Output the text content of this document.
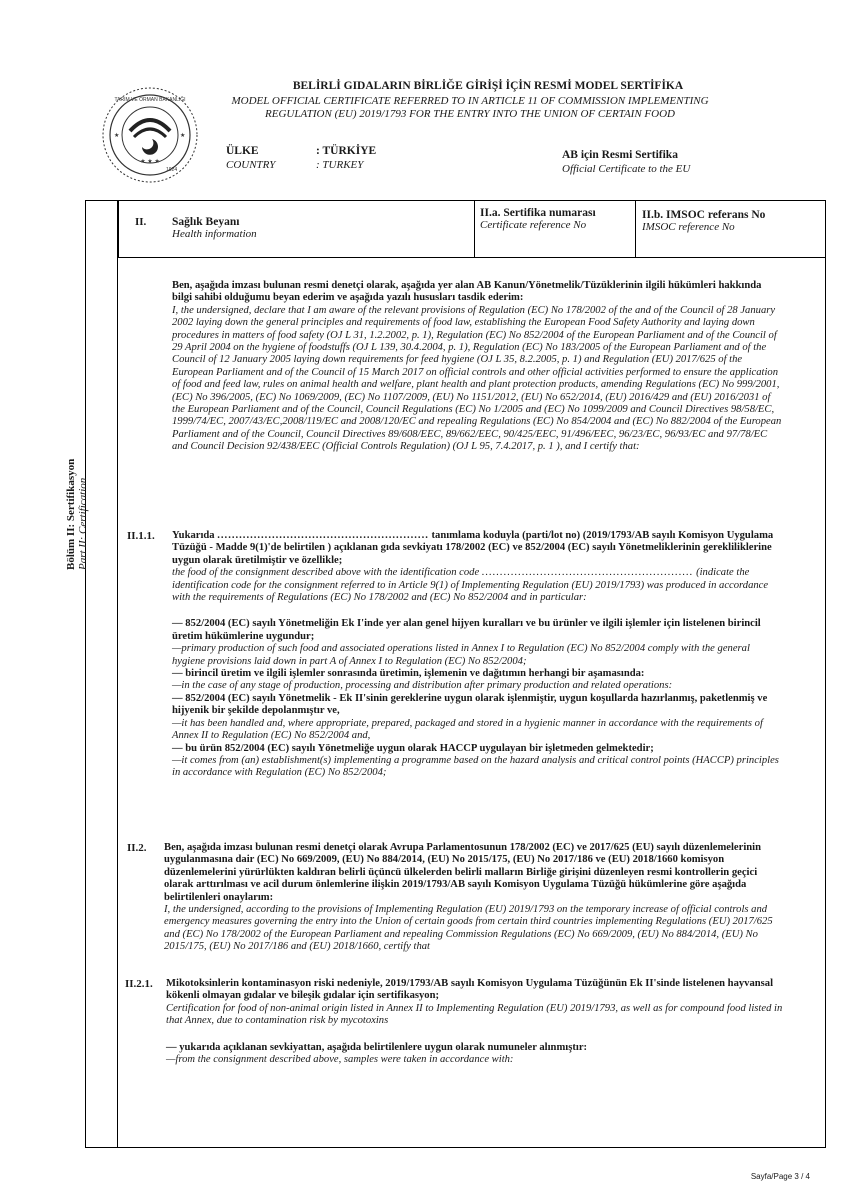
★ ★ ★
★	★
TARIM VE ORMAN BAKANLIĞI
1924
BELİRLİ GIDALARIN BİRLİĞE GİRİŞİ İÇİN RESMİ MODEL SERTİFİKA
MODEL OFFICIAL CERTIFICATE REFERRED TO IN ARTICLE 11 OF COMMISSION IMPLEMENTING
REGULATION (EU) 2019/1793 FOR THE ENTRY INTO THE UNION OF CERTAIN FOOD
ÜLKE
COUNTRY
: TÜRKİYE
: TURKEY
AB için Resmi Sertifika
Official Certificate to the EU
Bölüm II: Sertifikasyon Part II: Certification
II. Sağlık Beyanı
Health information
II.a. Sertifika numarası
Certificate reference No
II.b. IMSOC referans No
IMSOC reference No

Ben, aşağıda imzası bulunan resmi denetçi olarak, aşağıda yer alan AB Kanun/Yönetmelik/Tüzüklerinin ilgili hükümleri hakkında bilgi sahibi olduğumu beyan ederim ve aşağıda yazılı hususları tasdik ederim:

I, the undersigned, declare that I am aware of the relevant provisions of Regulation (EC) No 178/2002 of the and of the Council of 28 January 2002 laying down the general principles and requirements of food law, establishing the European Food Safety Authority and laying down procedures in matters of food safety (OJ L 31, 1.2.2002, p. 1), Regulation (EC) No 852/2004 of the European Parliament and of the Council of 29 April 2004 on the hygiene of foodstuffs (OJ L 139, 30.4.2004, p. 1), Regulation (EC) No 183/2005 of the European Parliament and of the Council of 12 January 2005 laying down requirements for feed hygiene (OJ L 35, 8.2.2005, p. 1) and Regulation (EU) 2017/625 of the European Parliament and of the Council of 15 March 2017 on official controls and other official activities performed to ensure the application of food and feed law, rules on animal health and welfare, plant health and plant protection products, amending Regulations (EC) No 999/2001, (EC) No 396/2005, (EC) No 1069/2009, (EC) No 1107/2009, (EU) No 1151/2012, (EU) No 652/2014, (EU) 2016/429 and (EU) 2016/2031 of the European Parliament and of the Council, Council Regulations (EC) No 1/2005 and (EC) No 1099/2009 and Council Directives 98/58/EC, 1999/74/EC, 2007/43/EC,2008/119/EC and 2008/120/EC and repealing Regulations (EC) No 854/2004 and (EC) No 882/2004 of the European Parliament and of the Council, Council Directives 89/608/EEC, 89/662/EEC, 90/425/EEC, 91/496/EEC, 96/23/EC, 96/93/EC and 97/78/EC and Council Decision 92/438/EEC (Official Controls Regulation) (OJ L 95, 7.4.2017, p. 1 ), and I certify that:

II.1.1. Yukarıda .......................................................... tanımlama koduyla (parti/lot no) (2019/1793/AB sayılı Komisyon Uygulama Tüzüğü - Madde 9(1)'de belirtilen ) açıklanan gıda sevkiyatı 178/2002 (EC) ve 852/2004 (EC) sayılı Yönetmeliklerinin gerekliliklerine uygun olarak üretilmiştir ve özellikle;

the food of the consignment described above with the identification code .......................................................... (indicate the identification code for the consignment referred to in Article 9(1) of Implementing Regulation (EU) 2019/1793) was produced in accordance with the requirements of Regulations (EC) No 178/2002 and (EC) No 852/2004 and in particular:

— 852/2004 (EC) sayılı Yönetmeliğin Ek I'inde yer alan genel hijyen kuralları ve bu ürünler ve ilgili işlemler için listelenen birincil üretim hükümlerine uygundur;

—primary production of such food and associated operations listed in Annex I to Regulation (EC) No 852/2004 comply with the general hygiene provisions laid down in part A of Annex I to Regulation (EC) No 852/2004;

— birincil üretim ve ilgili işlemler sonrasında üretimin, işlemenin ve dağıtımın herhangi bir aşamasında:

—in the case of any stage of production, processing and distribution after primary production and related operations:

— 852/2004 (EC) sayılı Yönetmelik - Ek II'sinin gereklerine uygun olarak işlenmiştir, uygun koşullarda hazırlanmış, paketlenmiş ve hijyenik bir şekilde depolanmıştır ve,

—it has been handled and, where appropriate, prepared, packaged and stored in a hygienic manner in accordance with the requirements of Annex II to Regulation (EC) No 852/2004 and,

— bu ürün 852/2004 (EC) sayılı Yönetmeliğe uygun olarak HACCP uygulayan bir işletmeden gelmektedir;

—it comes from (an) establishment(s) implementing a programme based on the hazard analysis and critical control points (HACCP) principles in accordance with Regulation (EC) No 852/2004;

II.2. Ben, aşağıda imzası bulunan resmi denetçi olarak Avrupa Parlamentosunun 178/2002 (EC) ve 2017/625 (EU) sayılı düzenlemelerinin uygulanmasına dair (EC) No 669/2009, (EU) No 884/2014, (EU) No 2015/175, (EU) No 2017/186 ve (EU) 2018/1660 komisyon düzenlemelerini yürürlükten kaldıran belirli üçüncü ülkelerden belirli malların Birliğe girişini düzenleyen resmi kontrollerin geçici olarak arttırılması ve acil durum önlemlerine ilişkin 2019/1793/AB sayılı Komisyon Uygulama Tüzüğü hükümlerine göre aşağıda belirtilenleri onaylarım:

I, the undersigned, according to the provisions of Implementing Regulation (EU) 2019/1793 on the temporary increase of official controls and emergency measures governing the entry into the Union of certain goods from certain third countries implementing Regulations (EU) 2017/625 and (EC) No 178/2002 of the European Parliament and repealing Commission Regulations (EC) No 669/2009, (EU) No 884/2014, (EU) No 2015/175, (EU) No 2017/186 and (EU) 2018/1660, certify that

II.2.1. Mikotoksinlerin kontaminasyon riski nedeniyle, 2019/1793/AB sayılı Komisyon Uygulama Tüzüğünün Ek II'sinde listelenen hayvansal kökenli olmayan gıdalar ve bileşik gıdalar için sertifikasyon;

Certification for food of non-animal origin listed in Annex II to Implementing Regulation (EU) 2019/1793, as well as for compound food listed in that Annex, due to contamination risk by mycotoxins

— yukarıda açıklanan sevkiyattan, aşağıda belirtilenlere uygun olarak numuneler alınmıştır:

—from the consignment described above, samples were taken in accordance with:

Sayfa/Page 3 / 4
